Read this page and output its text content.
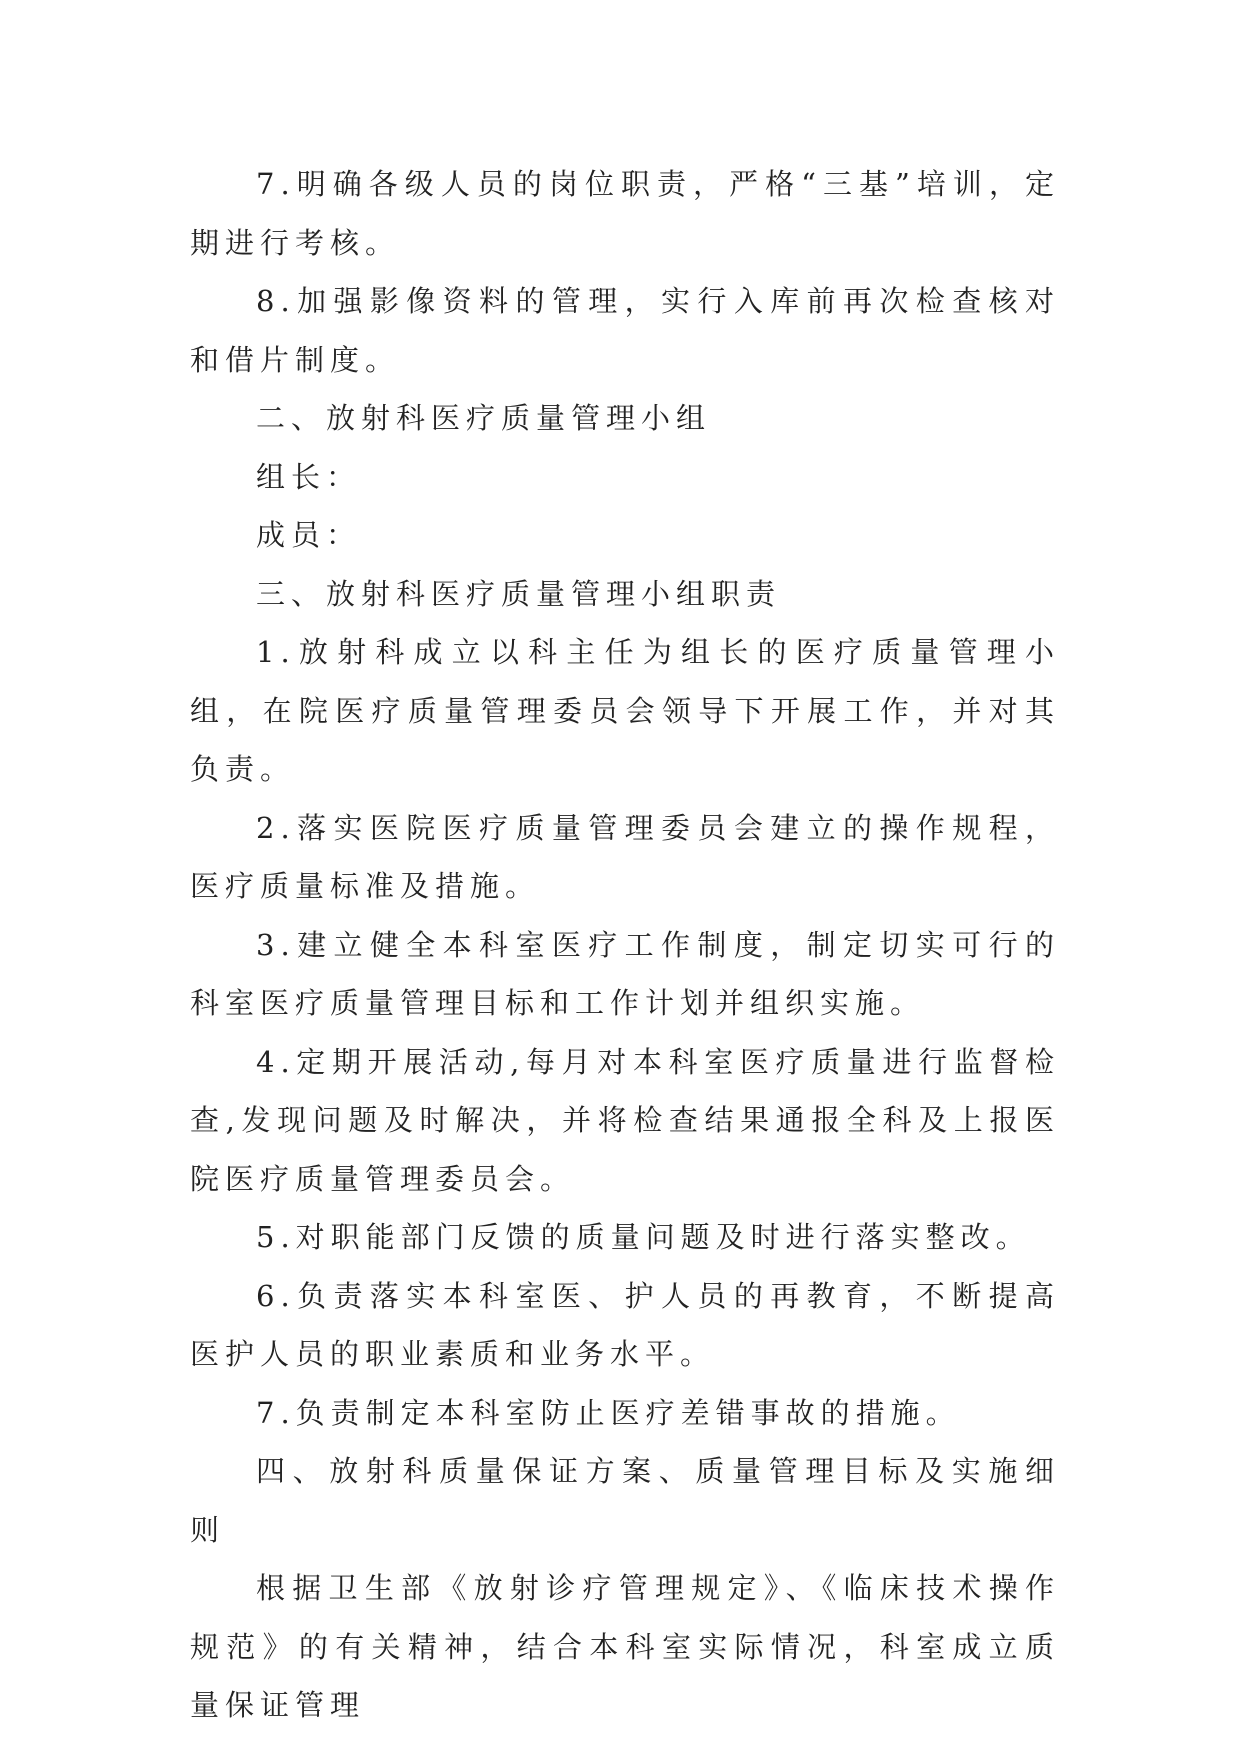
7.明确各级人员的岗位职责，严格“三基”培训，定期进行考核。

8.加强影像资料的管理，实行入库前再次检查核对和借片制度。

二、放射科医疗质量管理小组

组长：

成员：

三、放射科医疗质量管理小组职责

1.放射科成立以科主任为组长的医疗质量管理小组，在院医疗质量管理委员会领导下开展工作，并对其负责。

2.落实医院医疗质量管理委员会建立的操作规程，医疗质量标准及措施。

3.建立健全本科室医疗工作制度，制定切实可行的科室医疗质量管理目标和工作计划并组织实施。

4.定期开展活动,每月对本科室医疗质量进行监督检查,发现问题及时解决，并将检查结果通报全科及上报医院医疗质量管理委员会。

5.对职能部门反馈的质量问题及时进行落实整改。

6.负责落实本科室医、护人员的再教育，不断提高医护人员的职业素质和业务水平。

7.负责制定本科室防止医疗差错事故的措施。

四、放射科质量保证方案、质量管理目标及实施细则

根据卫生部《放射诊疗管理规定》、《临床技术操作规范》的有关精神，结合本科室实际情况，科室成立质量保证管理
